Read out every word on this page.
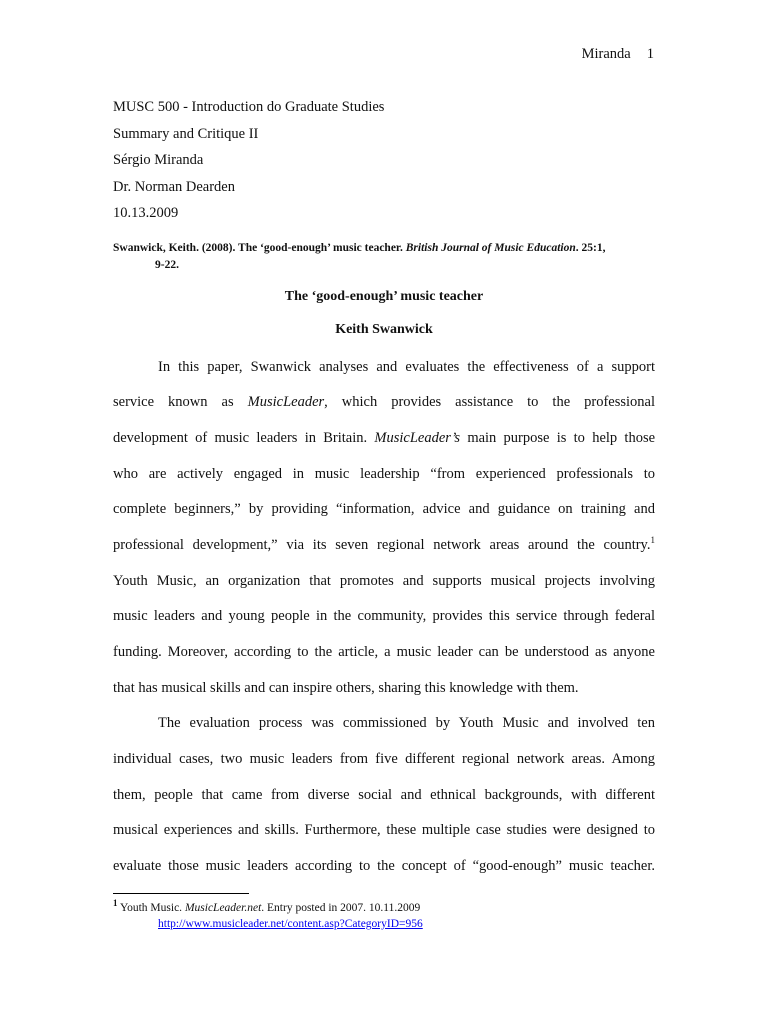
Miranda 1
MUSC 500 - Introduction do Graduate Studies
Summary and Critique II
Sérgio Miranda
Dr. Norman Dearden
10.13.2009
Swanwick, Keith. (2008). The ‘good-enough’ music teacher. British Journal of Music Education. 25:1,
9-22.
The ‘good-enough’ music teacher
Keith Swanwick
In this paper, Swanwick analyses and evaluates the effectiveness of a support
service known as MusicLeader, which provides assistance to the professional
development of music leaders in Britain. MusicLeader’s main purpose is to help those
who are actively engaged in music leadership “from experienced professionals to
complete beginners,” by providing “information, advice and guidance on training and
professional development,” via its seven regional network areas around the country.$^1$
Youth Music, an organization that promotes and supports musical projects involving
music leaders and young people in the community, provides this service through federal
funding. Moreover, according to the article, a music leader can be understood as anyone
that has musical skills and can inspire others, sharing this knowledge with them.
The evaluation process was commissioned by Youth Music and involved ten
individual cases, two music leaders from five different regional network areas. Among
them, people that came from diverse social and ethnical backgrounds, with different
musical experiences and skills. Furthermore, these multiple case studies were designed to
evaluate those music leaders according to the concept of “good-enough” music teacher.
$^1$ Youth Music. MusicLeader.net. Entry posted in 2007. 10.11.2009
http://www.musicleader.net/content.asp?CategoryID=956
